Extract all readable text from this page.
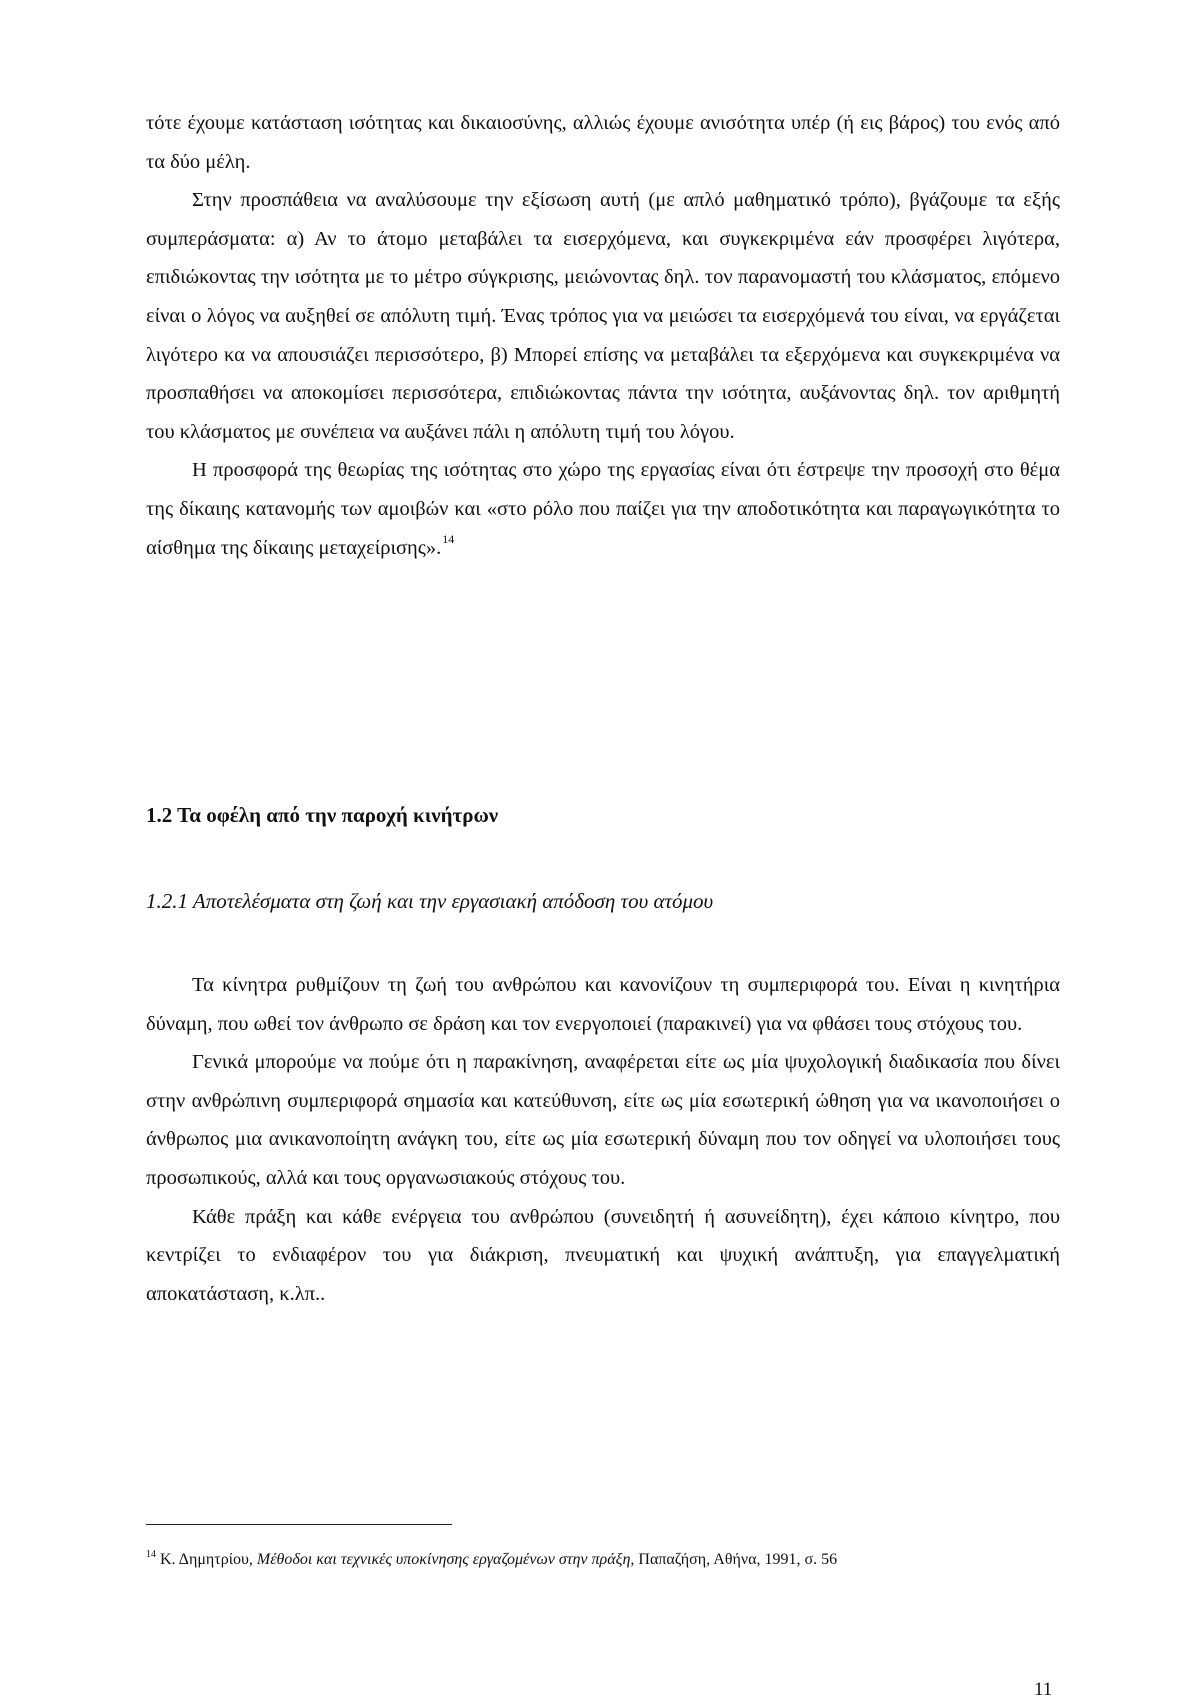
τότε έχουμε κατάσταση ισότητας και δικαιοσύνης, αλλιώς έχουμε ανισότητα υπέρ (ή εις βάρος) του ενός από τα δύο μέλη.

Στην προσπάθεια να αναλύσουμε την εξίσωση αυτή (με απλό μαθηματικό τρόπο), βγάζουμε τα εξής συμπεράσματα: α) Αν το άτομο μεταβάλει τα εισερχόμενα, και συγκεκριμένα εάν προσφέρει λιγότερα, επιδιώκοντας την ισότητα με το μέτρο σύγκρισης, μειώνοντας δηλ. τον παρανομαστή του κλάσματος, επόμενο είναι ο λόγος να αυξηθεί σε απόλυτη τιμή. Ένας τρόπος για να μειώσει τα εισερχόμενά του είναι, να εργάζεται λιγότερο κα να απουσιάζει περισσότερο, β) Μπορεί επίσης να μεταβάλει τα εξερχόμενα και συγκεκριμένα να προσπαθήσει να αποκομίσει περισσότερα, επιδιώκοντας πάντα την ισότητα, αυξάνοντας δηλ. τον αριθμητή του κλάσματος με συνέπεια να αυξάνει πάλι η απόλυτη τιμή του λόγου.

Η προσφορά της θεωρίας της ισότητας στο χώρο της εργασίας είναι ότι έστρεψε την προσοχή στο θέμα της δίκαιης κατανομής των αμοιβών και «στο ρόλο που παίζει για την αποδοτικότητα και παραγωγικότητα το αίσθημα της δίκαιης μεταχείρισης».$^{14}$

1.2 Τα οφέλη από την παροχή κινήτρων
1.2.1 Αποτελέσματα στη ζωή και την εργασιακή απόδοση του ατόμου

Τα κίνητρα ρυθμίζουν τη ζωή του ανθρώπου και κανονίζουν τη συμπεριφορά του. Είναι η κινητήρια δύναμη, που ωθεί τον άνθρωπο σε δράση και τον ενεργοποιεί (παρακινεί) για να φθάσει τους στόχους του.

Γενικά μπορούμε να πούμε ότι η παρακίνηση, αναφέρεται είτε ως μία ψυχολογική διαδικασία που δίνει στην ανθρώπινη συμπεριφορά σημασία και κατεύθυνση, είτε ως μία εσωτερική ώθηση για να ικανοποιήσει ο άνθρωπος μια ανικανοποίητη ανάγκη του, είτε ως μία εσωτερική δύναμη που τον οδηγεί να υλοποιήσει τους προσωπικούς, αλλά και τους οργανωσιακούς στόχους του.

Κάθε πράξη και κάθε ενέργεια του ανθρώπου (συνειδητή ή ασυνείδητη), έχει κάποιο κίνητρο, που κεντρίζει το ενδιαφέρον του για διάκριση, πνευματική και ψυχική ανάπτυξη, για επαγγελματική αποκατάσταση, κ.λπ..

$^{14}$ Κ. Δημητρίου, Μέθοδοι και τεχνικές υποκίνησης εργαζομένων στην πράξη, Παπαζήση, Αθήνα, 1991, σ. 56

11
